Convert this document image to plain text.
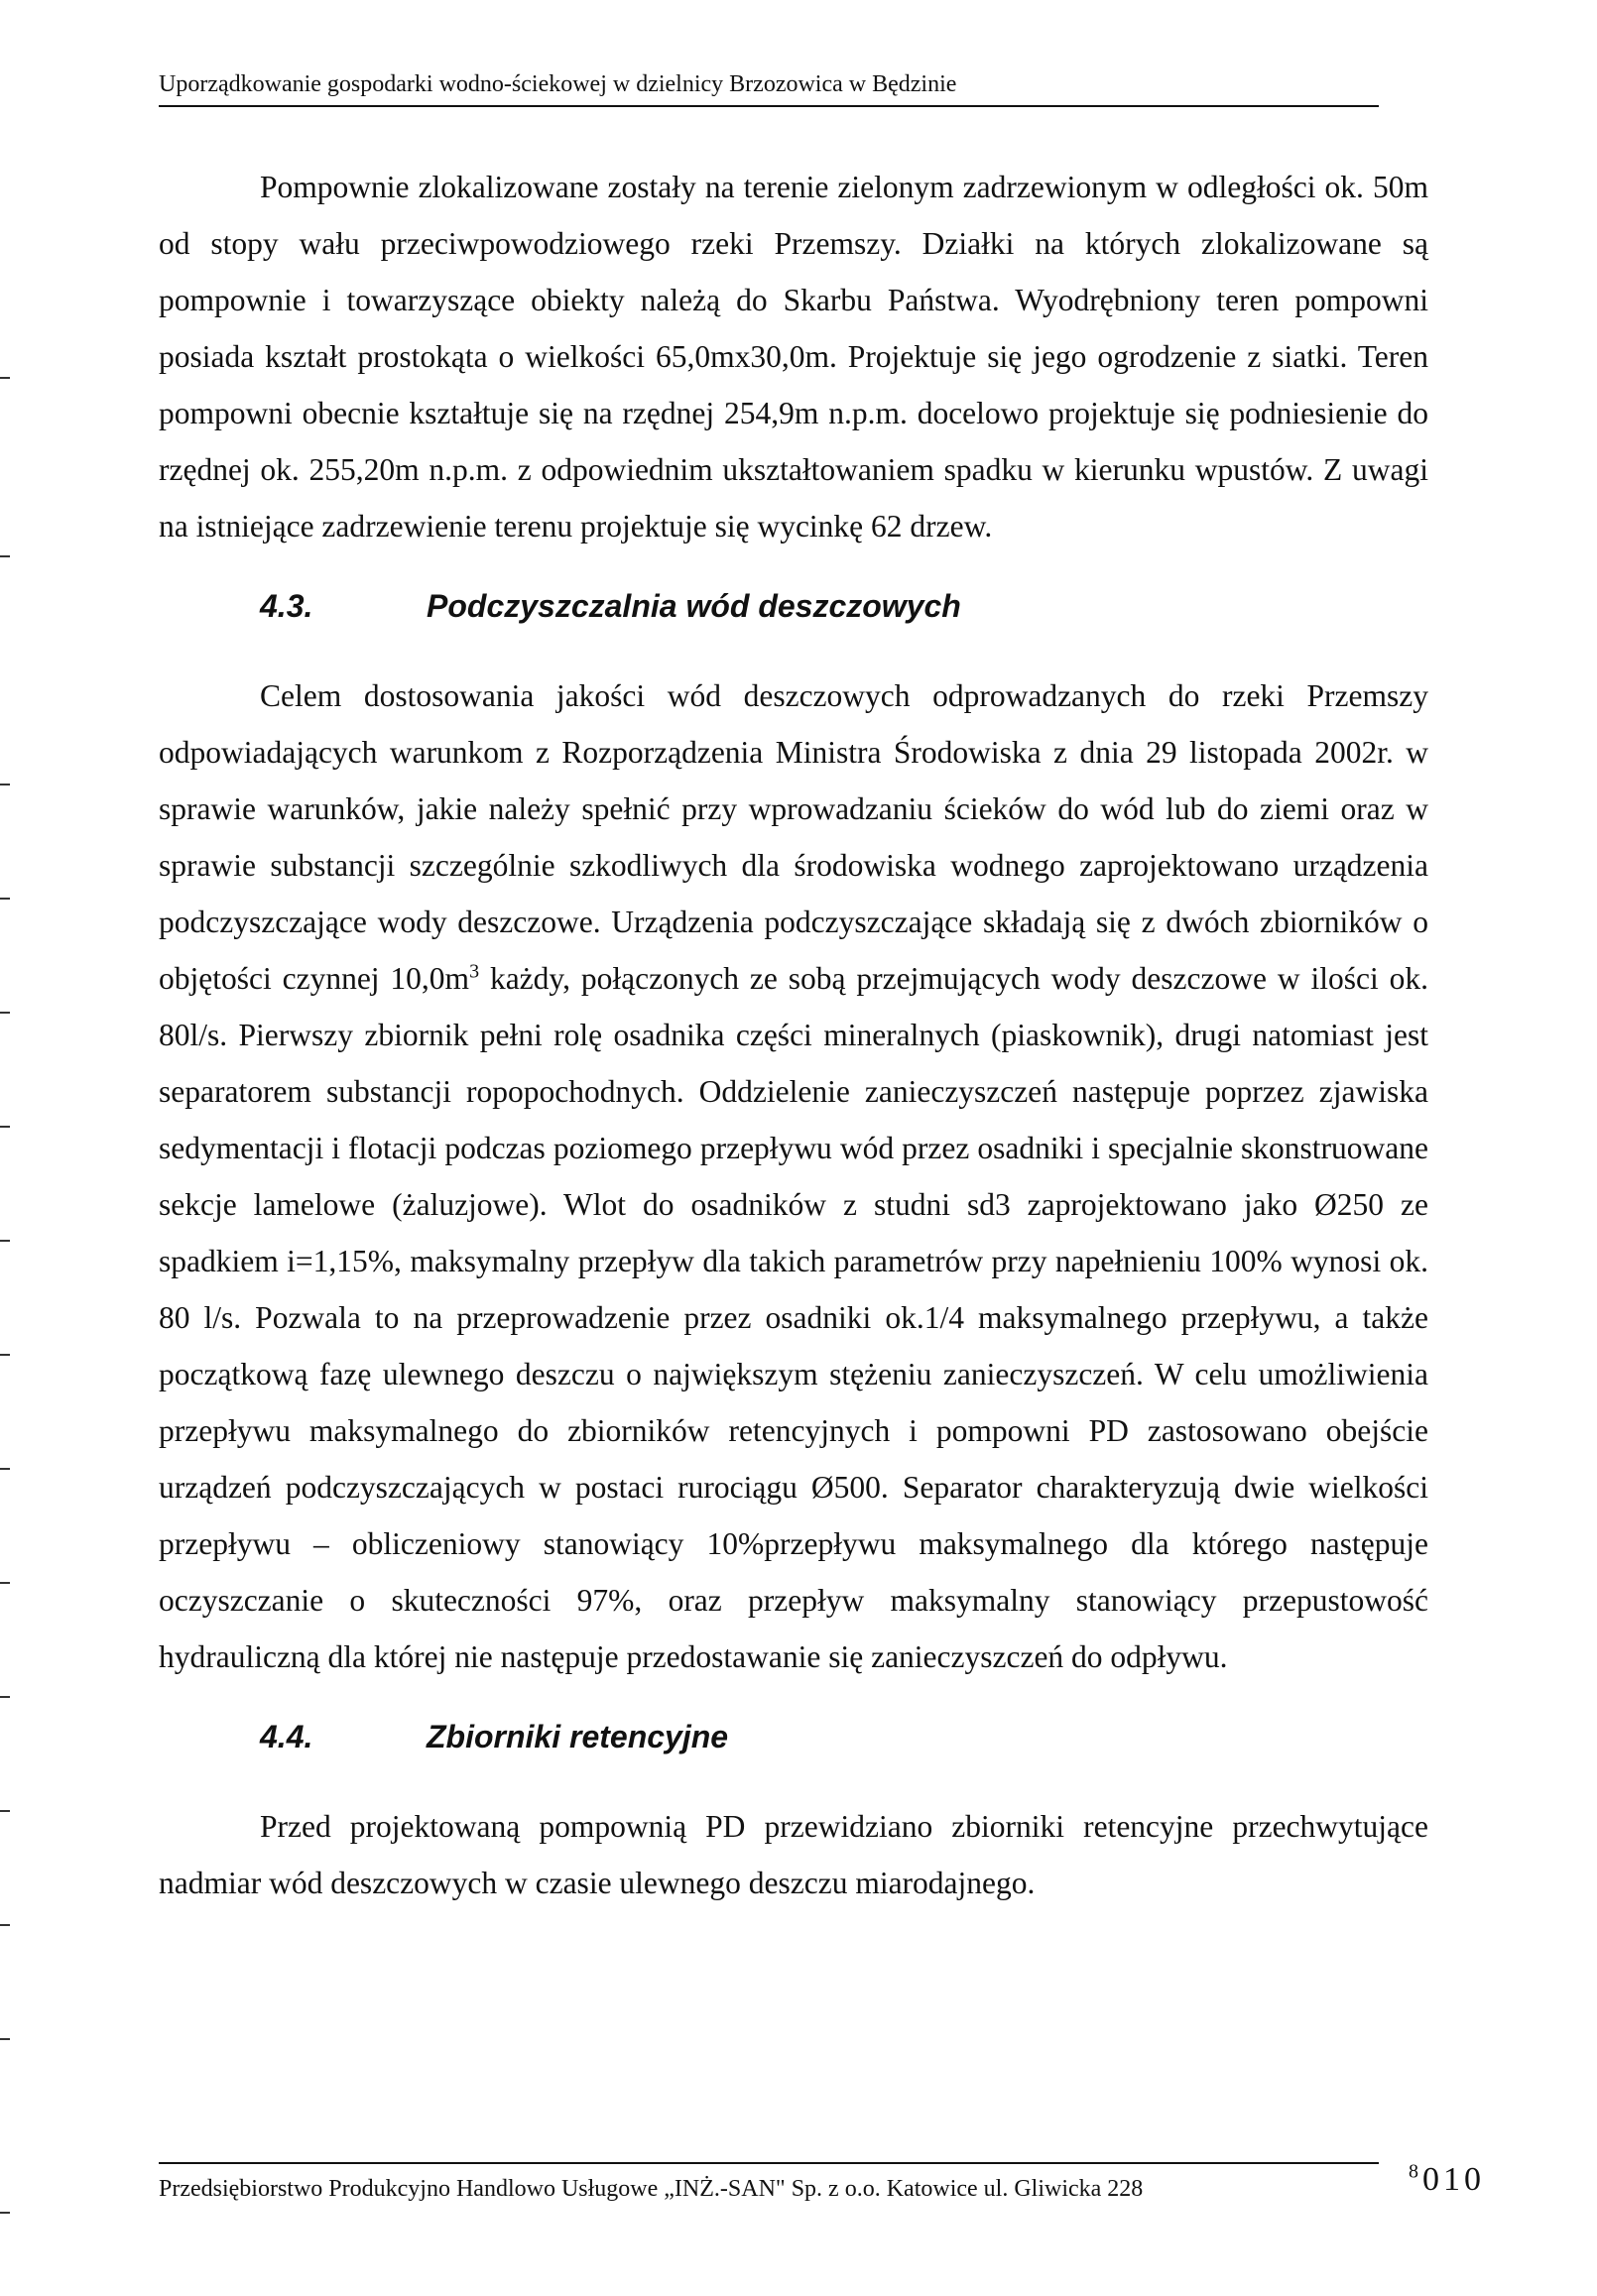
Uporządkowanie gospodarki wodno-ściekowej w dzielnicy Brzozowica w Będzinie

Pompownie zlokalizowane zostały na terenie zielonym zadrzewionym w odległości ok. 50m od stopy wału przeciwpowodziowego rzeki Przemszy. Działki na których zlokalizowane są pompownie i towarzyszące obiekty należą do Skarbu Państwa. Wyodrębniony teren pompowni posiada kształt prostokąta o wielkości 65,0mx30,0m. Projektuje się jego ogrodzenie z siatki. Teren pompowni obecnie kształtuje się na rzędnej 254,9m n.p.m. docelowo projektuje się podniesienie do rzędnej ok. 255,20m n.p.m. z odpowiednim ukształtowaniem spadku w kierunku wpustów. Z uwagi na istniejące zadrzewienie terenu projektuje się wycinkę 62 drzew.

4.3.	Podczyszczalnia wód deszczowych

Celem dostosowania jakości wód deszczowych odprowadzanych do rzeki Przemszy odpowiadających warunkom z Rozporządzenia Ministra Środowiska z dnia 29 listopada 2002r. w sprawie warunków, jakie należy spełnić przy wprowadzaniu ścieków do wód lub do ziemi oraz w sprawie substancji szczególnie szkodliwych dla środowiska wodnego zaprojektowano urządzenia podczyszczające wody deszczowe. Urządzenia podczyszczające składają się z dwóch zbiorników o objętości czynnej $10,0m^3$ każdy, połączonych ze sobą przejmujących wody deszczowe w ilości ok. 80l/s. Pierwszy zbiornik pełni rolę osadnika części mineralnych (piaskownik), drugi natomiast jest separatorem substancji ropopochodnych. Oddzielenie zanieczyszczeń następuje poprzez zjawiska sedymentacji i flotacji podczas poziomego przepływu wód przez osadniki i specjalnie skonstruowane sekcje lamelowe (żaluzjowe). Wlot do osadników z studni sd3 zaprojektowano jako Ø250 ze spadkiem i=1,15%, maksymalny przepływ dla takich parametrów przy napełnieniu 100% wynosi ok. 80 l/s. Pozwala to na przeprowadzenie przez osadniki ok.1/4 maksymalnego przepływu, a także początkową fazę ulewnego deszczu o największym stężeniu zanieczyszczeń. W celu umożliwienia przepływu maksymalnego do zbiorników retencyjnych i pompowni PD zastosowano obejście urządzeń podczyszczających w postaci rurociągu Ø500. Separator charakteryzują dwie wielkości przepływu – obliczeniowy stanowiący 10%przepływu maksymalnego dla którego następuje oczyszczanie o skuteczności 97%, oraz przepływ maksymalny stanowiący przepustowość hydrauliczną dla której nie następuje przedostawanie się zanieczyszczeń do odpływu.

4.4.	Zbiorniki retencyjne

Przed projektowaną pompownią PD przewidziano zbiorniki retencyjne przechwytujące nadmiar wód deszczowych w czasie ulewnego deszczu miarodajnego.

Przedsiębiorstwo Produkcyjno Handlowo Usługowe „INŻ.-SAN" Sp. z o.o. Katowice ul. Gliwicka 228
$^8$010
